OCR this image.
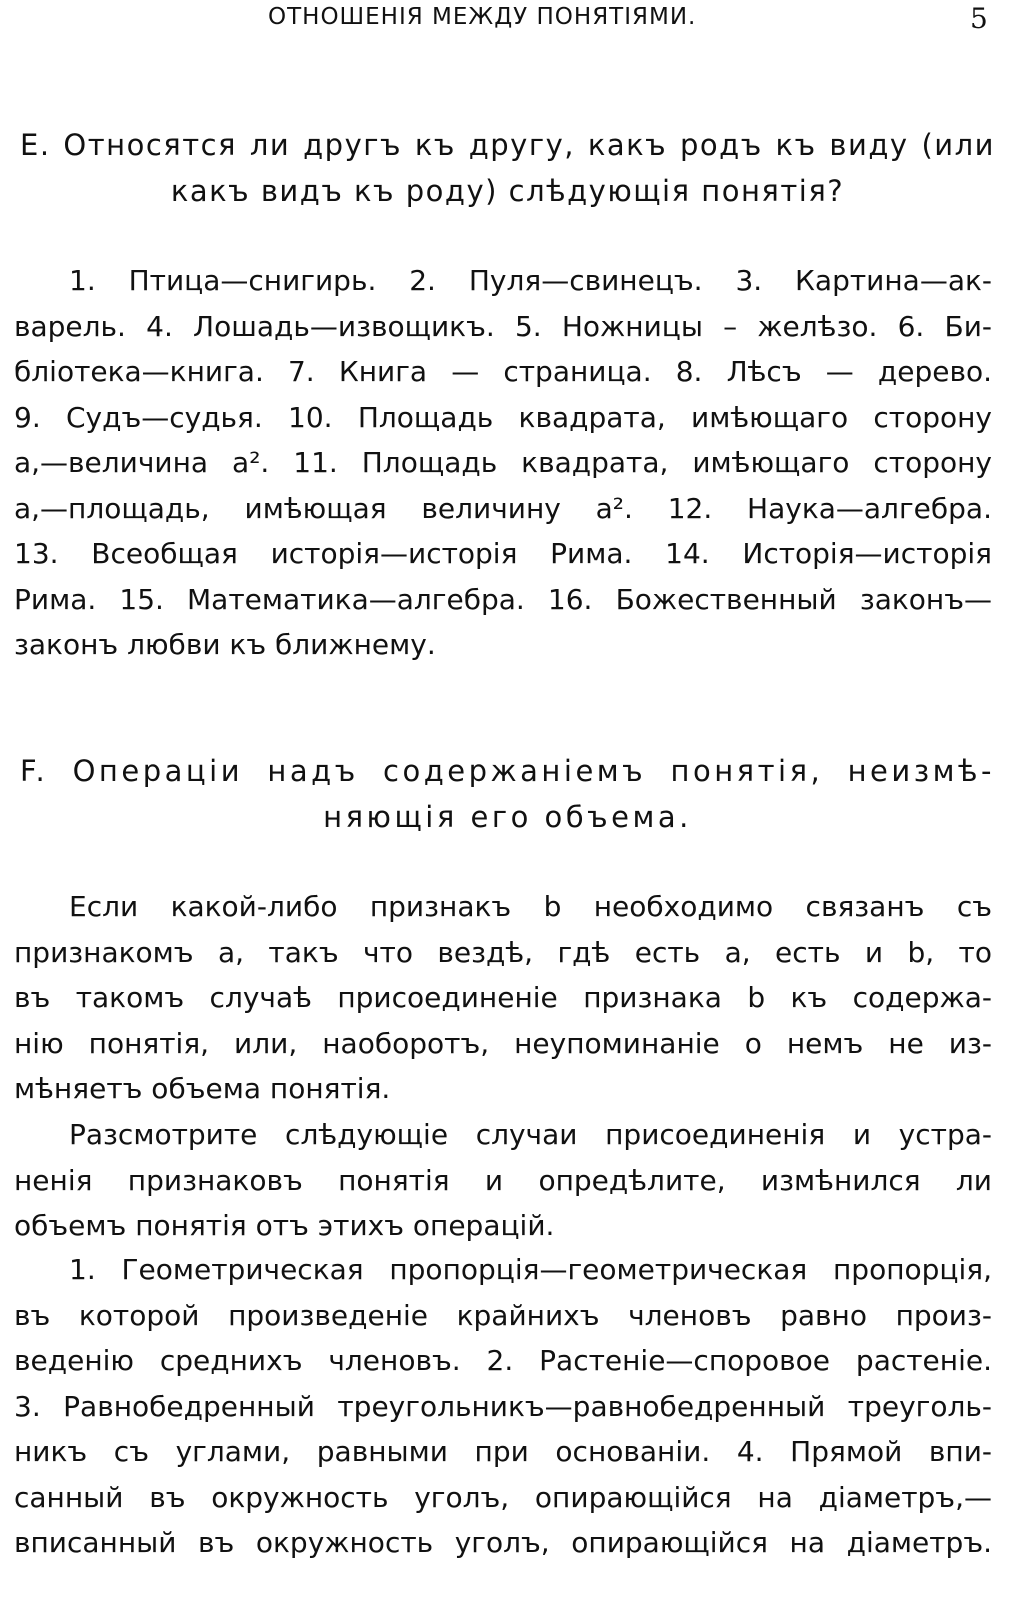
ОТНОШЕНІЯ МЕЖДУ ПОНЯТІЯМИ.	5

E. Относятся ли другъ къ другу, какъ родъ къ виду (или

какъ видъ къ роду) слѣдующія понятія?

1. Птица—снигирь. 2. Пуля—свинецъ. 3. Картина—ак-
варель. 4. Лошадь—извощикъ. 5. Ножницы – желѣзо. 6. Би-
бліотека—книга. 7. Книга — страница. 8. Лѣсъ — дерево.
9. Судъ—судья. 10. Площадь квадрата, имѣющаго сторону
а,—величина а². 11. Площадь квадрата, имѣющаго сторону
а,—площадь, имѣющая величину а². 12. Наука—алгебра.
13. Всеобщая исторія—исторія Рима. 14. Исторія—исторія
Рима. 15. Математика—алгебра. 16. Божественный законъ—
законъ любви къ ближнему.

F. Операціи надъ содержаніемъ понятія, неизмѣ-

няющія его объема.

Если какой-либо признакъ b необходимо связанъ съ
признакомъ а, такъ что вездѣ, гдѣ есть а, есть и b, то
въ такомъ случаѣ присоединеніе признака b къ содержа-
нію понятія, или, наоборотъ, неупоминаніе о немъ не из-
мѣняетъ объема понятія.
Разсмотрите слѣдующіе случаи присоединенія и устра-
ненія признаковъ понятія и опредѣлите, измѣнился ли
объемъ понятія отъ этихъ операцій.
1. Геометрическая пропорція—геометрическая пропорція,
въ которой произведеніе крайнихъ членовъ равно произ-
веденію среднихъ членовъ. 2. Растеніе—споровое растеніе.
3. Равнобедренный треугольникъ—равнобедренный треуголь-
никъ съ углами, равными при основаніи. 4. Прямой впи-
санный въ окружность уголъ, опирающійся на діаметръ,—
вписанный въ окружность уголъ, опирающійся на діаметръ.
